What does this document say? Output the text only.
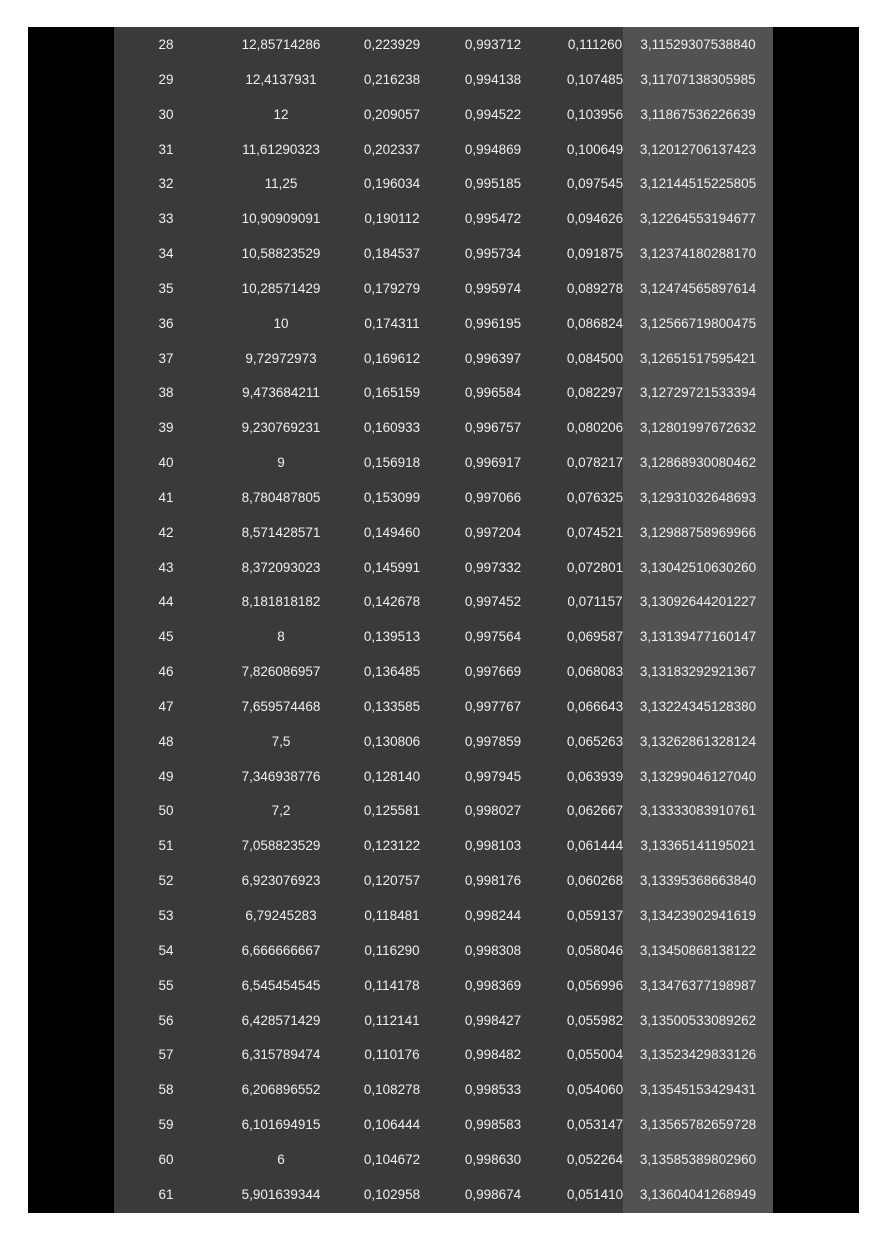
28	12,85714286	0,223929	0,993712	0,111260	3,11529307538840
29	12,4137931	0,216238	0,994138	0,107485	3,11707138305985
30	12	0,209057	0,994522	0,103956	3,11867536226639
31	11,61290323	0,202337	0,994869	0,100649	3,12012706137423
32	11,25	0,196034	0,995185	0,097545	3,12144515225805
33	10,90909091	0,190112	0,995472	0,094626	3,12264553194677
34	10,58823529	0,184537	0,995734	0,091875	3,12374180288170
35	10,28571429	0,179279	0,995974	0,089278	3,12474565897614
36	10	0,174311	0,996195	0,086824	3,12566719800475
37	9,72972973	0,169612	0,996397	0,084500	3,12651517595421
38	9,473684211	0,165159	0,996584	0,082297	3,12729721533394
39	9,230769231	0,160933	0,996757	0,080206	3,12801997672632
40	9	0,156918	0,996917	0,078217	3,12868930080462
41	8,780487805	0,153099	0,997066	0,076325	3,12931032648693
42	8,571428571	0,149460	0,997204	0,074521	3,12988758969966
43	8,372093023	0,145991	0,997332	0,072801	3,13042510630260
44	8,181818182	0,142678	0,997452	0,071157	3,13092644201227
45	8	0,139513	0,997564	0,069587	3,13139477160147
46	7,826086957	0,136485	0,997669	0,068083	3,13183292921367
47	7,659574468	0,133585	0,997767	0,066643	3,13224345128380
48	7,5	0,130806	0,997859	0,065263	3,13262861328124
49	7,346938776	0,128140	0,997945	0,063939	3,13299046127040
50	7,2	0,125581	0,998027	0,062667	3,13333083910761
51	7,058823529	0,123122	0,998103	0,061444	3,13365141195021
52	6,923076923	0,120757	0,998176	0,060268	3,13395368663840
53	6,79245283	0,118481	0,998244	0,059137	3,13423902941619
54	6,666666667	0,116290	0,998308	0,058046	3,13450868138122
55	6,545454545	0,114178	0,998369	0,056996	3,13476377198987
56	6,428571429	0,112141	0,998427	0,055982	3,13500533089262
57	6,315789474	0,110176	0,998482	0,055004	3,13523429833126
58	6,206896552	0,108278	0,998533	0,054060	3,13545153429431
59	6,101694915	0,106444	0,998583	0,053147	3,13565782659728
60	6	0,104672	0,998630	0,052264	3,13585389802960
61	5,901639344	0,102958	0,998674	0,051410	3,13604041268949
